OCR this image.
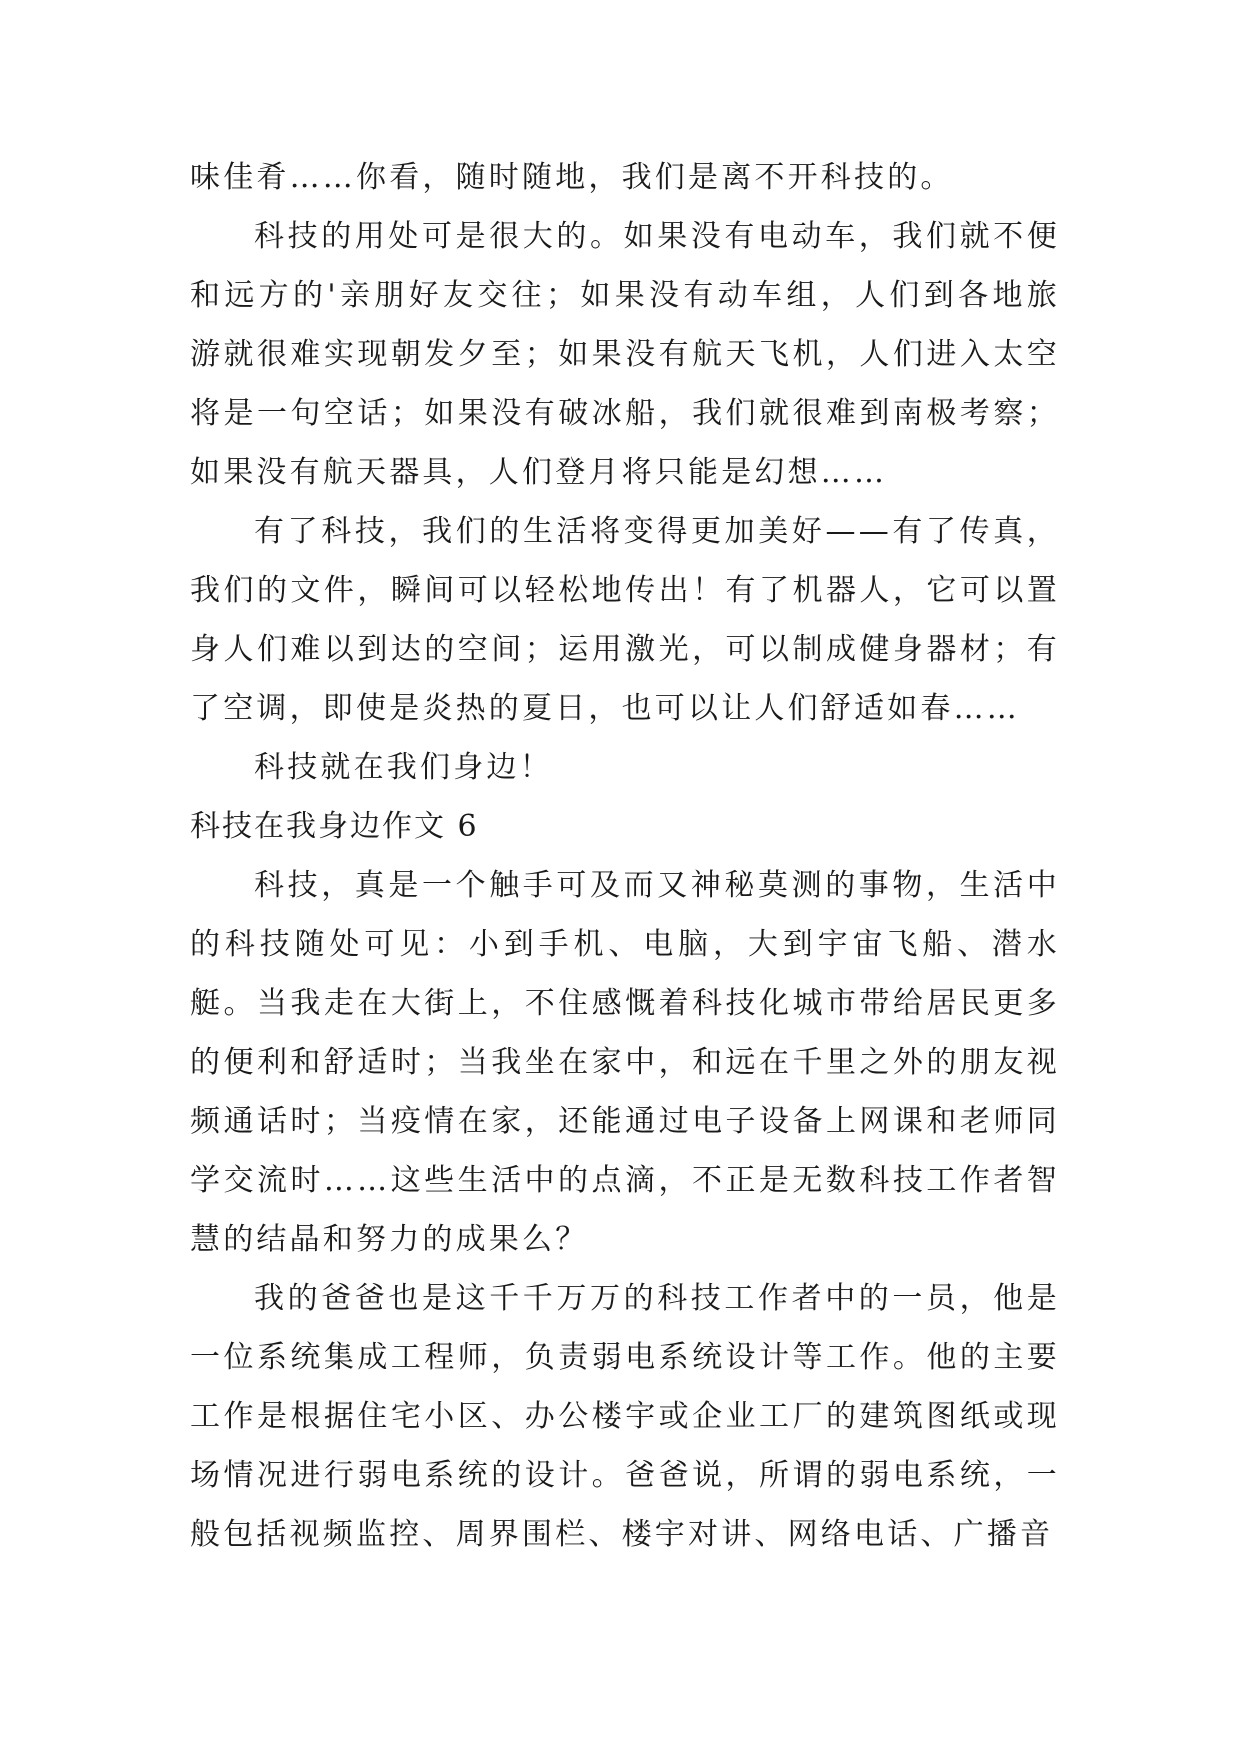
味佳肴……你看，随时随地，我们是离不开科技的。

科技的用处可是很大的。如果没有电动车，我们就不便和远方的'亲朋好友交往；如果没有动车组，人们到各地旅游就很难实现朝发夕至；如果没有航天飞机，人们进入太空将是一句空话；如果没有破冰船，我们就很难到南极考察；如果没有航天器具，人们登月将只能是幻想……

有了科技，我们的生活将变得更加美好——有了传真，我们的文件，瞬间可以轻松地传出！有了机器人，它可以置身人们难以到达的空间；运用激光，可以制成健身器材；有了空调，即使是炎热的夏日，也可以让人们舒适如春……

科技就在我们身边！

科技在我身边作文 6

科技，真是一个触手可及而又神秘莫测的事物，生活中的科技随处可见：小到手机、电脑，大到宇宙飞船、潜水艇。当我走在大街上，不住感慨着科技化城市带给居民更多的便利和舒适时；当我坐在家中，和远在千里之外的朋友视频通话时；当疫情在家，还能通过电子设备上网课和老师同学交流时……这些生活中的点滴，不正是无数科技工作者智慧的结晶和努力的成果么？

我的爸爸也是这千千万万的科技工作者中的一员，他是一位系统集成工程师，负责弱电系统设计等工作。他的主要工作是根据住宅小区、办公楼宇或企业工厂的建筑图纸或现场情况进行弱电系统的设计。爸爸说，所谓的弱电系统，一般包括视频监控、周界围栏、楼宇对讲、网络电话、广播音
